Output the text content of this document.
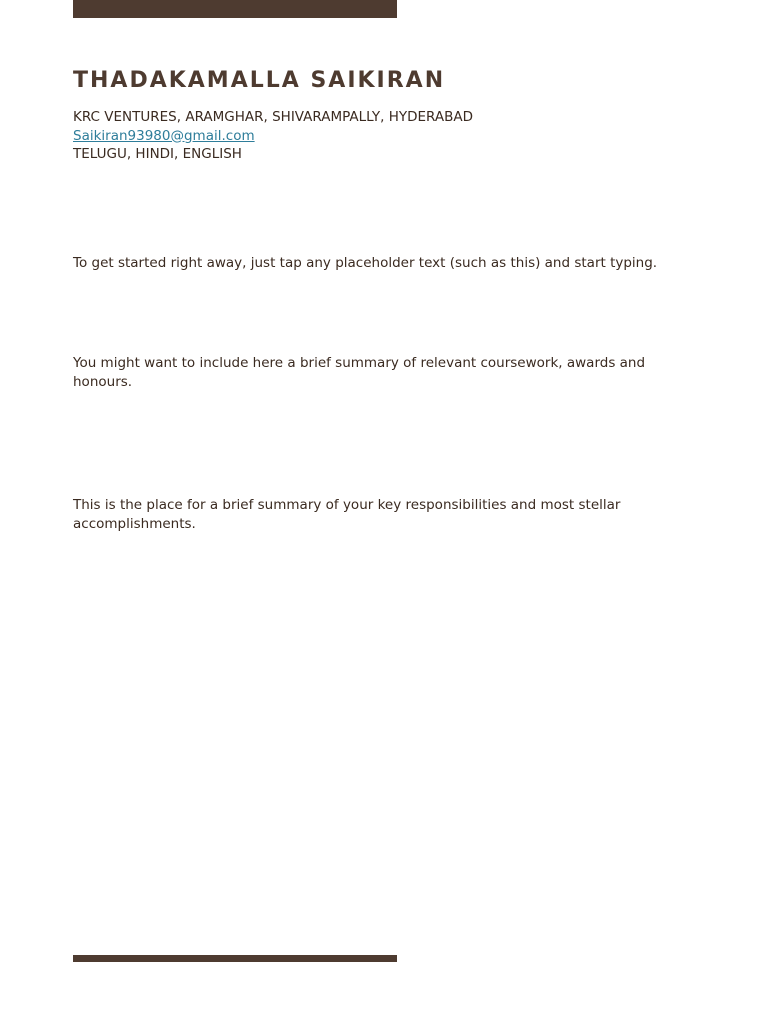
THADAKAMALLA SAIKIRAN
KRC VENTURES, ARAMGHAR, SHIVARAMPALLY, HYDERABAD
Saikiran93980@gmail.com
TELUGU, HINDI, ENGLISH

To get started right away, just tap any placeholder text (such as this) and start typing.

You might want to include here a brief summary of relevant coursework, awards and honours.

This is the place for a brief summary of your key responsibilities and most stellar accomplishments.
